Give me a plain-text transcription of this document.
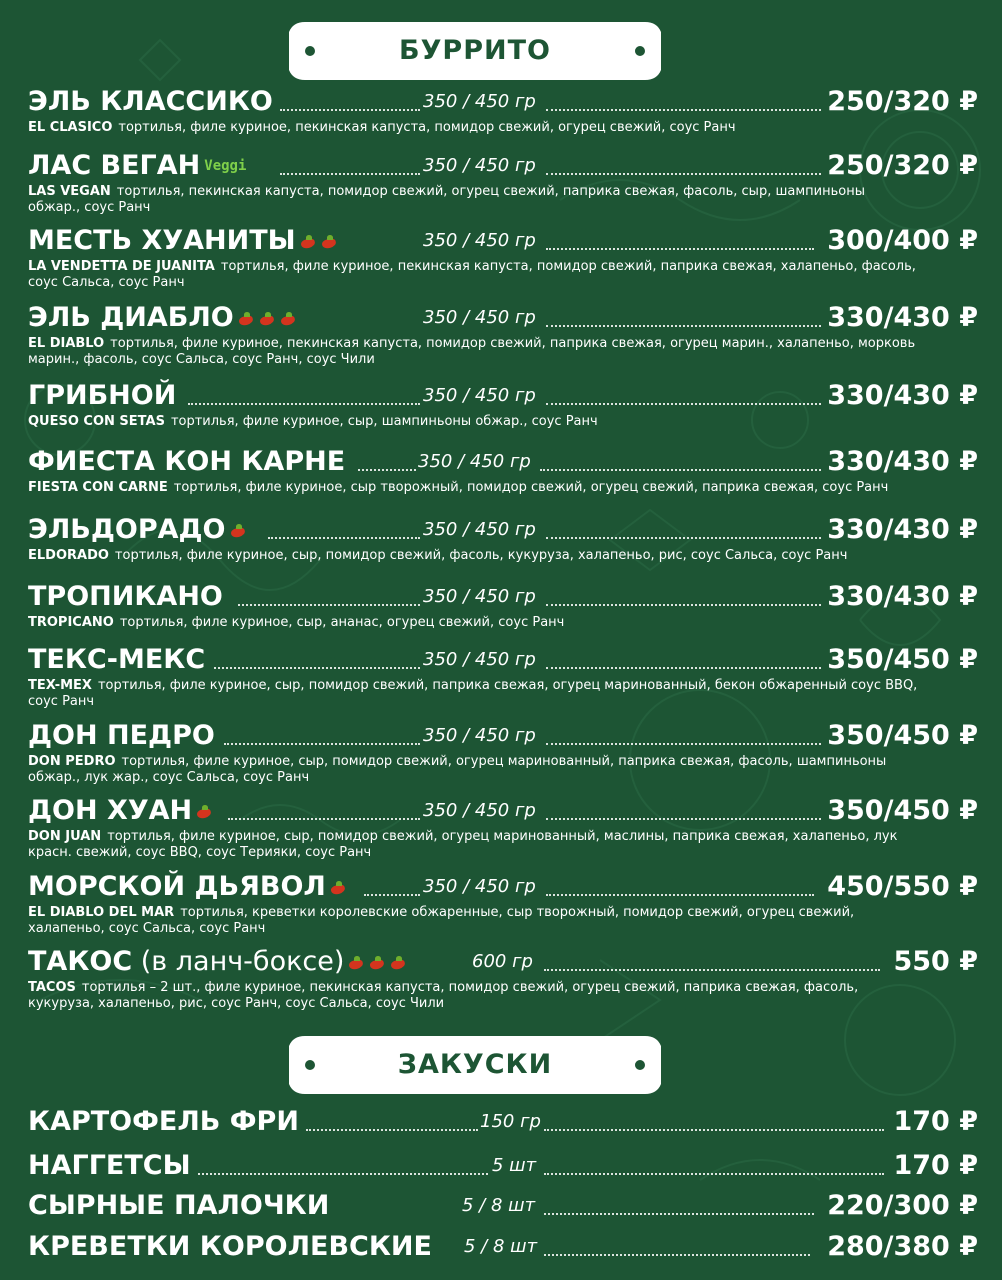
БУРРИТО
ЭЛЬ КЛАССИКО	350 / 450 гр	250/320 ₽
EL CLASICO тортилья, филе куриное, пекинская капуста, помидор свежий, огурец свежий, соус Ранч
ЛАС ВЕГАН $^{Veggi}$	350 / 450 гр	250/320 ₽
LAS VEGAN тортилья, пекинская капуста, помидор свежий, огурец свежий, паприка свежая, фасоль, сыр, шампиньоны обжар., соус Ранч
МЕСТЬ ХУАНИТЫ	350 / 450 гр	300/400 ₽
LA VENDETTA DE JUANITA тортилья, филе куриное, пекинская капуста, помидор свежий, паприка свежая, халапеньо, фасоль, соус Сальса, соус Ранч
ЭЛЬ ДИАБЛО	350 / 450 гр	330/430 ₽
EL DIABLO тортилья, филе куриное, пекинская капуста, помидор свежий, паприка свежая, огурец марин., халапеньо, морковь марин., фасоль, соус Сальса, соус Ранч, соус Чили
ГРИБНОЙ	350 / 450 гр	330/430 ₽
QUESO CON SETAS тортилья, филе куриное, сыр, шампиньоны обжар., соус Ранч
ФИЕСТА КОН КАРНЕ	350 / 450 гр	330/430 ₽
FIESTA CON CARNE тортилья, филе куриное, сыр творожный, помидор свежий, огурец свежий, паприка свежая, соус Ранч
ЭЛЬДОРАДО	350 / 450 гр	330/430 ₽
ELDORADO тортилья, филе куриное, сыр, помидор свежий, фасоль, кукуруза, халапеньо, рис, соус Сальса, соус Ранч
ТРОПИКАНО	350 / 450 гр	330/430 ₽
TROPICANO тортилья, филе куриное, сыр, ананас, огурец свежий, соус Ранч
ТЕКС-МЕКС	350 / 450 гр	350/450 ₽
TEX-MEX тортилья, филе куриное, сыр, помидор свежий, паприка свежая, огурец маринованный, бекон обжаренный соус BBQ, соус Ранч
ДОН ПЕДРО	350 / 450 гр	350/450 ₽
DON PEDRO тортилья, филе куриное, сыр, помидор свежий, огурец маринованный, паприка свежая, фасоль, шампиньоны обжар., лук жар., соус Сальса, соус Ранч
ДОН ХУАН	350 / 450 гр	350/450 ₽
DON JUAN тортилья, филе куриное, сыр, помидор свежий, огурец маринованный, маслины, паприка свежая, халапеньо, лук красн. свежий, соус BBQ, соус Терияки, соус Ранч
МОРСКОЙ ДЬЯВОЛ	350 / 450 гр	450/550 ₽
EL DIABLO DEL MAR тортилья, креветки королевские обжаренные, сыр творожный, помидор свежий, огурец свежий, халапеньо, соус Сальса, соус Ранч
ТАКОС (в ланч-боксе)	600 гр	550 ₽
TACOS тортилья – 2 шт., филе куриное, пекинская капуста, помидор свежий, огурец свежий, паприка свежая, фасоль, кукуруза, халапеньо, рис, соус Ранч, соус Сальса, соус Чили
ЗАКУСКИ
КАРТОФЕЛЬ ФРИ	150 гр	170 ₽
НАГГЕТСЫ	5 шт	170 ₽
СЫРНЫЕ ПАЛОЧКИ	5 / 8 шт	220/300 ₽
КРЕВЕТКИ КОРОЛЕВСКИЕ 5 / 8 шт	280/380 ₽
